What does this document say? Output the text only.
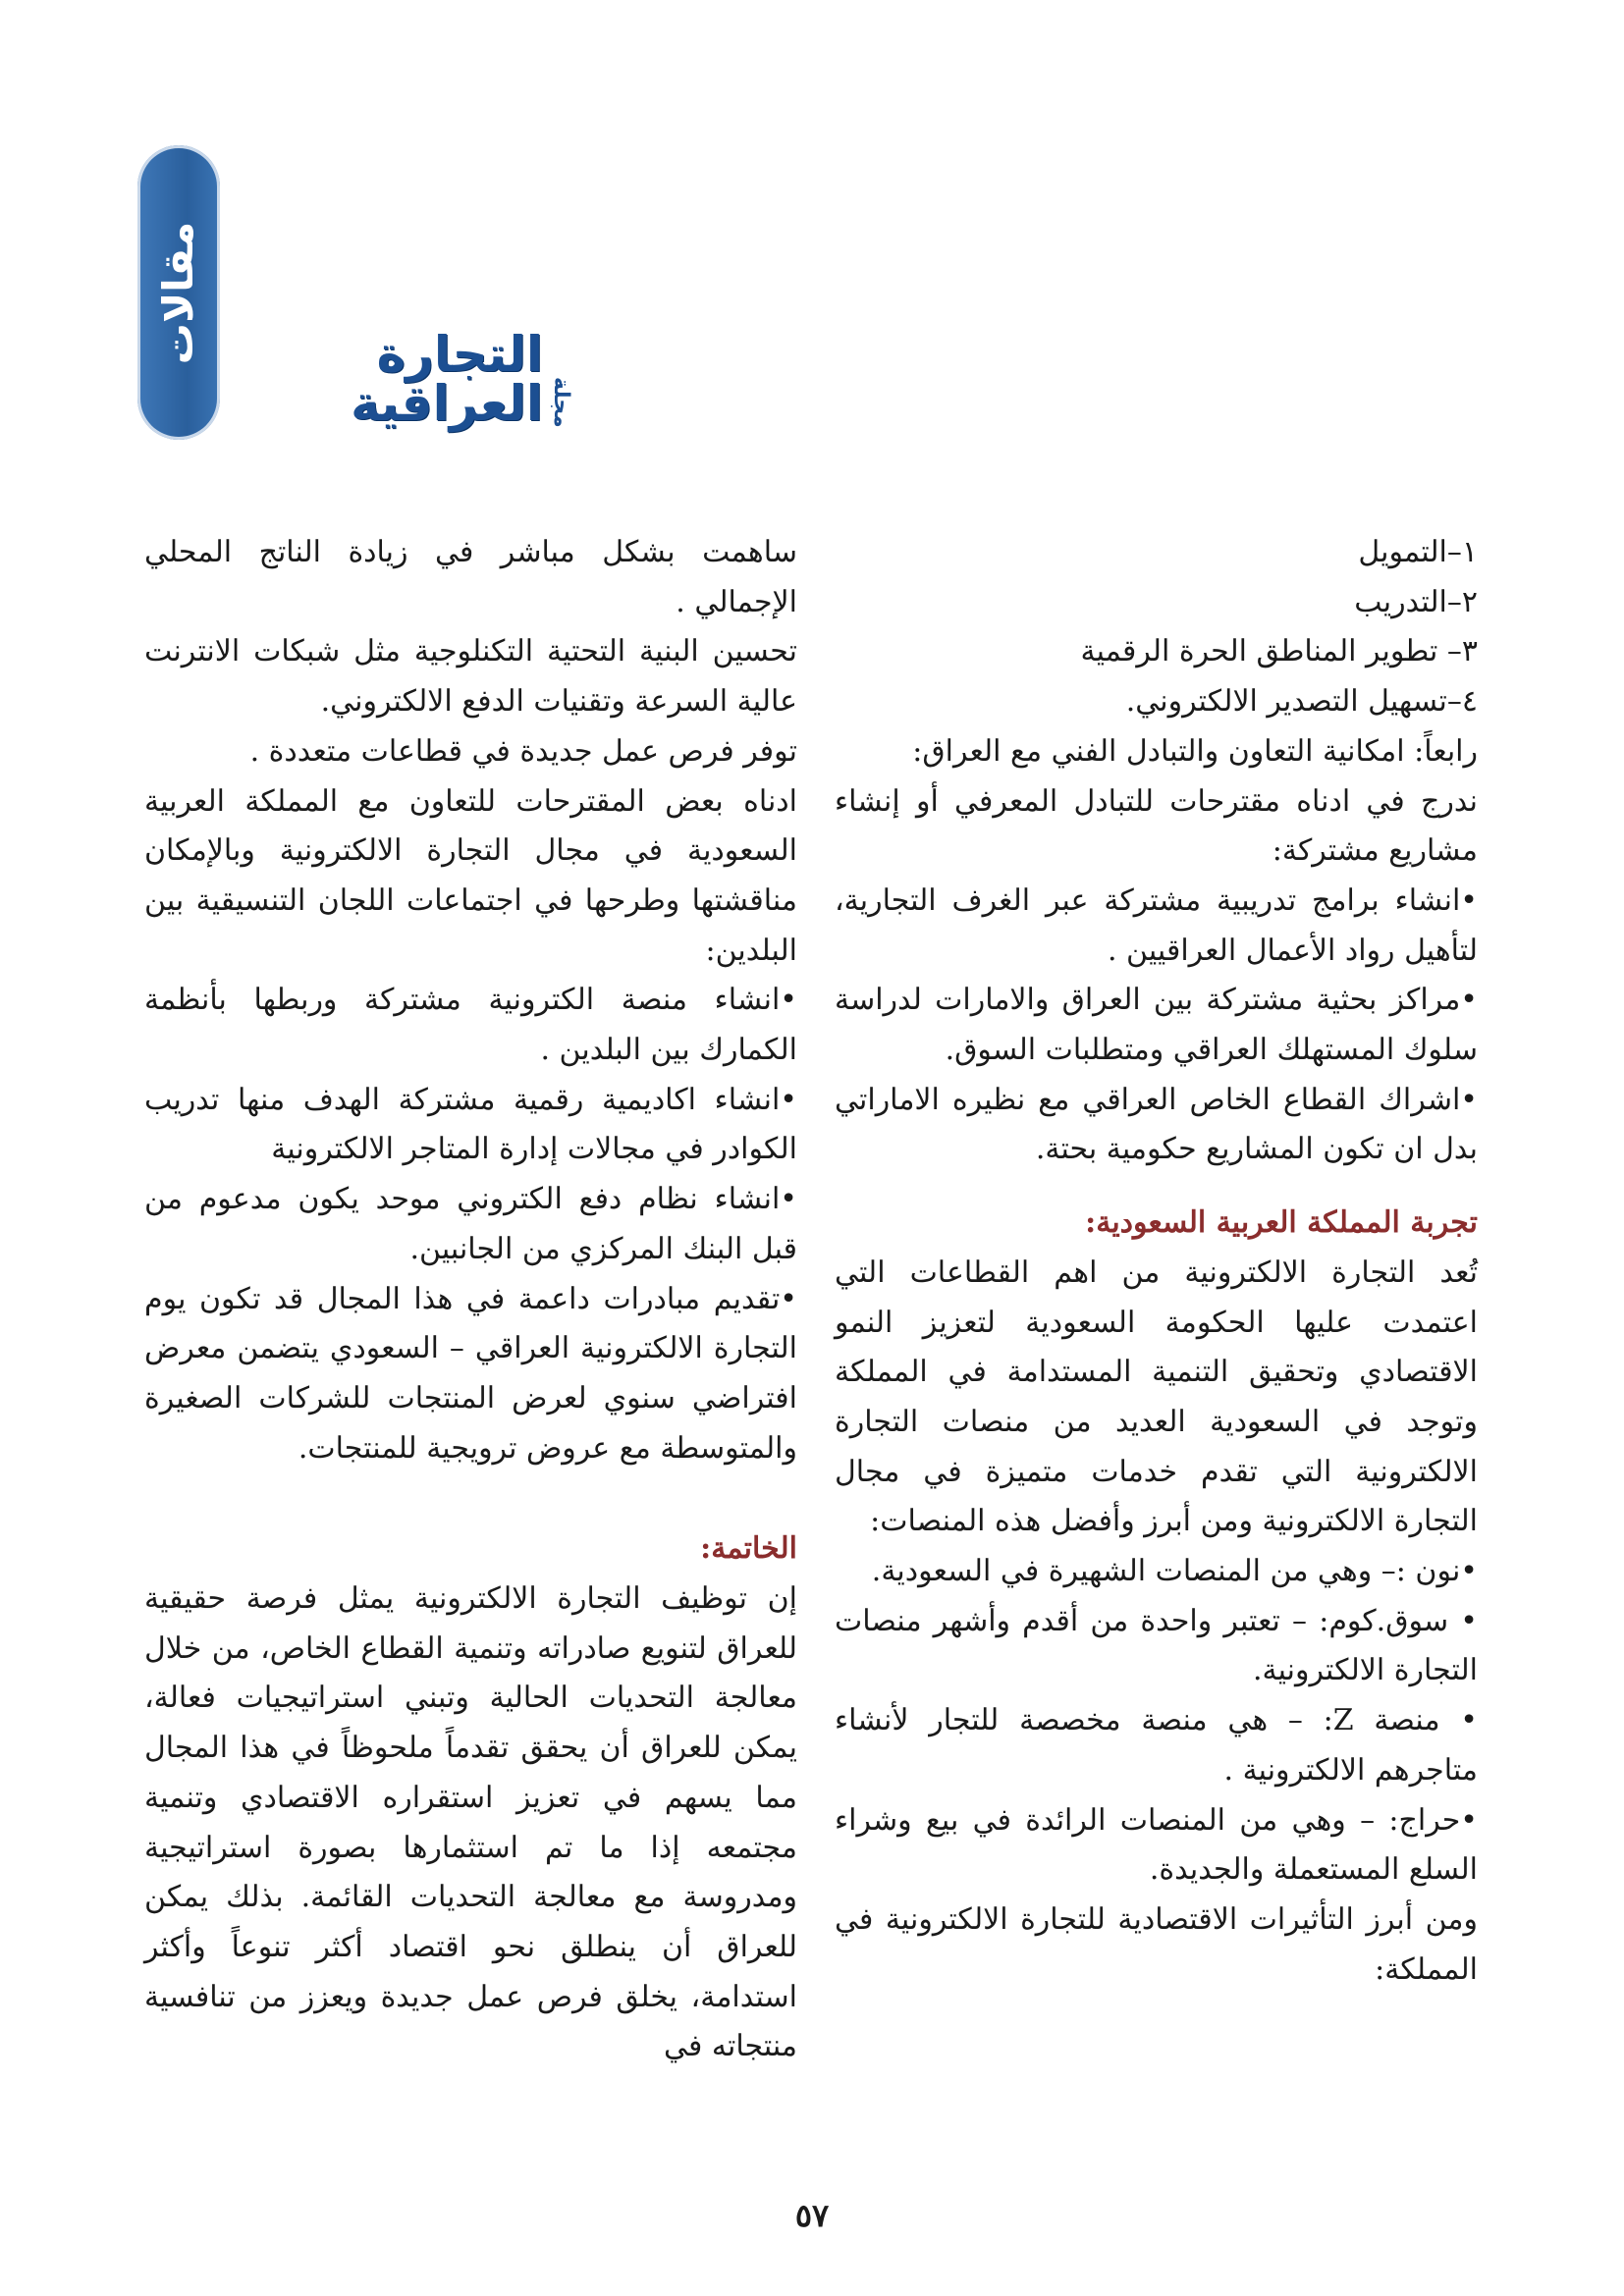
مقالات
مجلة
التجارة العراقية

١–التمويل

٢–التدريب

٣– تطوير المناطق الحرة الرقمية

٤–تسهيل التصدير الالكتروني.

رابعاً: امكانية التعاون والتبادل الفني مع العراق:

ندرج في ادناه مقترحات للتبادل المعرفي أو إنشاء مشاريع مشتركة:

•انشاء برامج تدريبية مشتركة عبر الغرف التجارية، لتأهيل رواد الأعمال العراقيين .

•مراكز بحثية مشتركة بين العراق والامارات لدراسة سلوك المستهلك العراقي ومتطلبات السوق.

•اشراك القطاع الخاص العراقي مع نظيره الاماراتي بدل ان تكون المشاريع حكومية بحتة.

تجربة المملكة العربية السعودية:

تُعد التجارة الالكترونية من اهم القطاعات التي اعتمدت عليها الحكومة السعودية لتعزيز النمو الاقتصادي وتحقيق التنمية المستدامة في المملكة وتوجد في السعودية العديد من منصات التجارة الالكترونية التي تقدم خدمات متميزة في مجال التجارة الالكترونية ومن أبرز وأفضل هذه المنصات:

•نون :– وهي من المنصات الشهيرة في السعودية.

• سوق.كوم: – تعتبر واحدة من أقدم وأشهر منصات التجارة الالكترونية.

• منصة Z: – هي منصة مخصصة للتجار لأنشاء متاجرهم الالكترونية .

•حراج: – وهي من المنصات الرائدة في بيع وشراء السلع المستعملة والجديدة.

ومن أبرز التأثيرات الاقتصادية للتجارة الالكترونية في المملكة:

ساهمت بشكل مباشر في زيادة الناتج المحلي الإجمالي .

تحسين البنية التحتية التكنلوجية مثل شبكات الانترنت عالية السرعة وتقنيات الدفع الالكتروني.

توفر فرص عمل جديدة في قطاعات متعددة .

ادناه بعض المقترحات للتعاون مع المملكة العربية السعودية في مجال التجارة الالكترونية وبالإمكان مناقشتها وطرحها في اجتماعات اللجان التنسيقية بين البلدين:

•انشاء منصة الكترونية مشتركة وربطها بأنظمة الكمارك بين البلدين .

•انشاء اكاديمية رقمية مشتركة الهدف منها تدريب الكوادر في مجالات إدارة المتاجر الالكترونية

•انشاء نظام دفع الكتروني موحد يكون مدعوم من قبل البنك المركزي من الجانبين.

•تقديم مبادرات داعمة في هذا المجال قد تكون يوم التجارة الالكترونية العراقي – السعودي يتضمن معرض افتراضي سنوي لعرض المنتجات للشركات الصغيرة والمتوسطة مع عروض ترويجية للمنتجات.

الخاتمة:

إن توظيف التجارة الالكترونية يمثل فرصة حقيقية للعراق لتنويع صادراته وتنمية القطاع الخاص، من خلال معالجة التحديات الحالية وتبني استراتيجيات فعالة، يمكن للعراق أن يحقق تقدماً ملحوظاً في هذا المجال مما يسهم في تعزيز استقراره الاقتصادي وتنمية مجتمعه إذا ما تم استثمارها بصورة استراتيجية ومدروسة مع معالجة التحديات القائمة. بذلك يمكن للعراق أن ينطلق نحو اقتصاد أكثر تنوعاً وأكثر استدامة، يخلق فرص عمل جديدة ويعزز من تنافسية منتجاته في

٥٧
